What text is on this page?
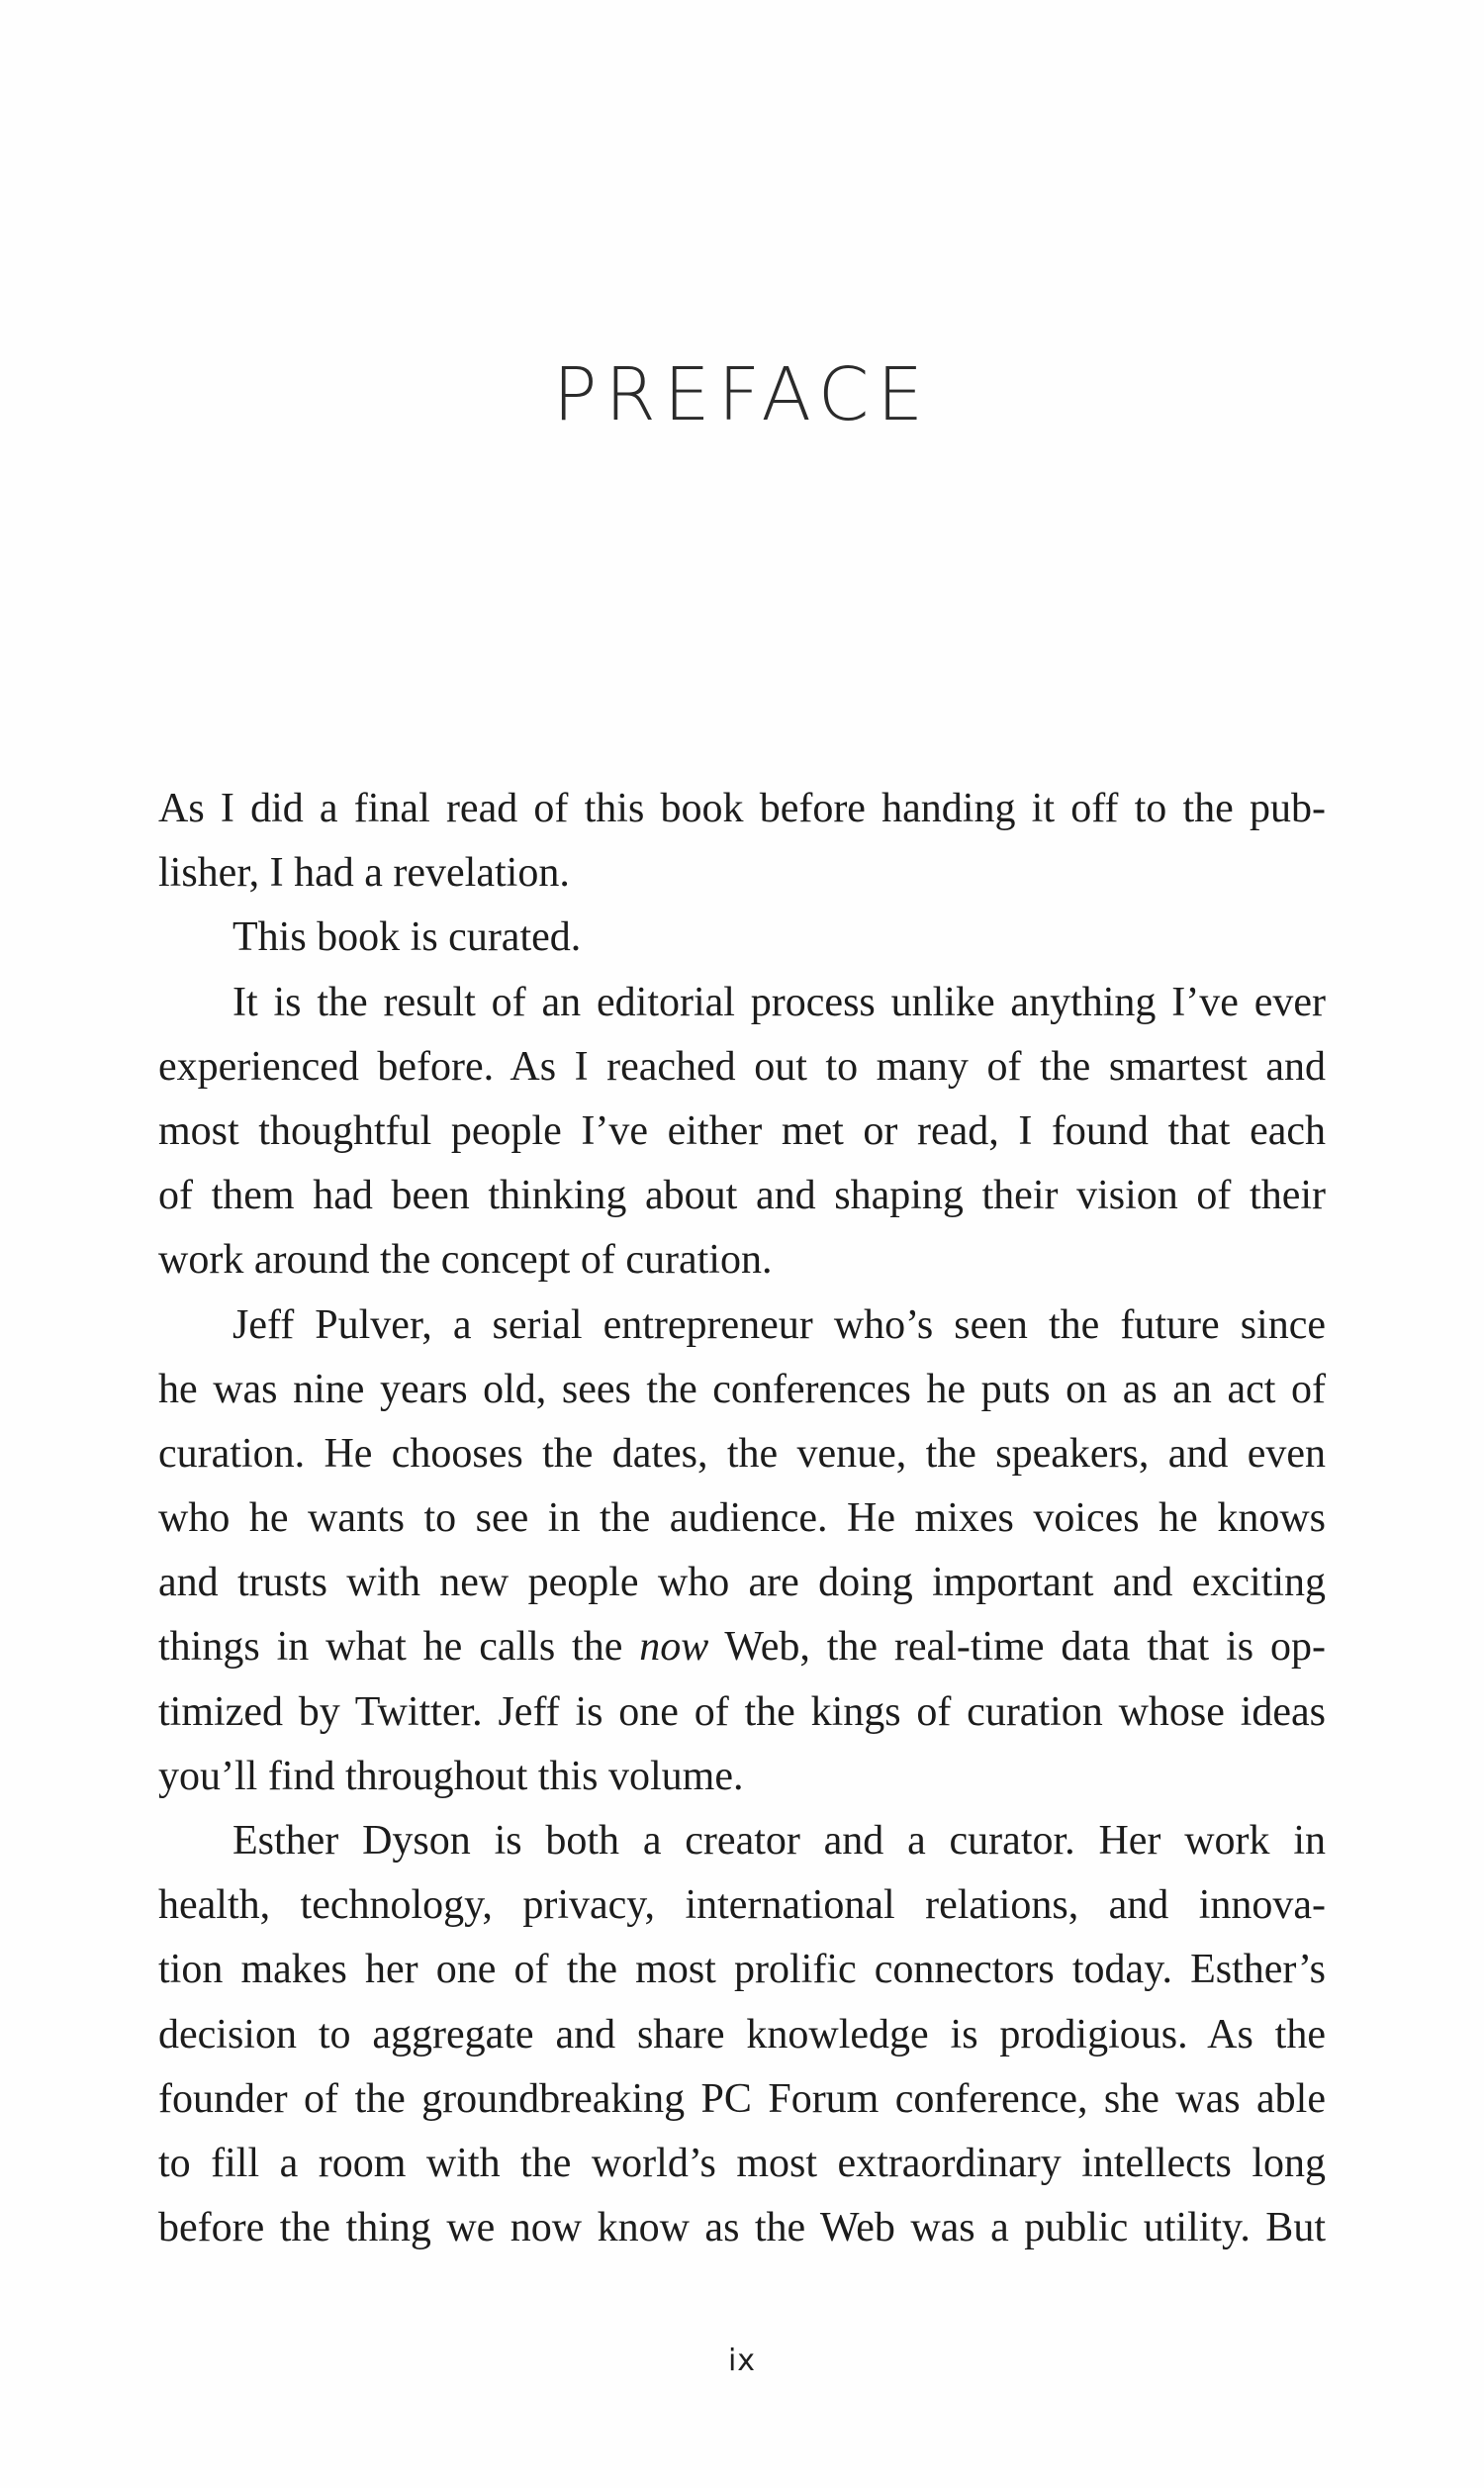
PREFACE
As I did a final read of this book before handing it off to the pub-
lisher, I had a revelation.
This book is curated.
It is the result of an editorial process unlike anything I’ve ever
experienced before. As I reached out to many of the smartest and
most thoughtful people I’ve either met or read, I found that each
of them had been thinking about and shaping their vision of their
work around the concept of curation.
Jeff Pulver, a serial entrepreneur who’s seen the future since
he was nine years old, sees the conferences he puts on as an act of
curation. He chooses the dates, the venue, the speakers, and even
who he wants to see in the audience. He mixes voices he knows
and trusts with new people who are doing important and exciting
things in what he calls the now Web, the real-time data that is op-
timized by Twitter. Jeff is one of the kings of curation whose ideas
you’ll find throughout this volume.
Esther Dyson is both a creator and a curator. Her work in
health, technology, privacy, international relations, and innova-
tion makes her one of the most prolific connectors today. Esther’s
decision to aggregate and share knowledge is prodigious. As the
founder of the groundbreaking PC Forum conference, she was able
to fill a room with the world’s most extraordinary intellects long
before the thing we now know as the Web was a public utility. But
ix
